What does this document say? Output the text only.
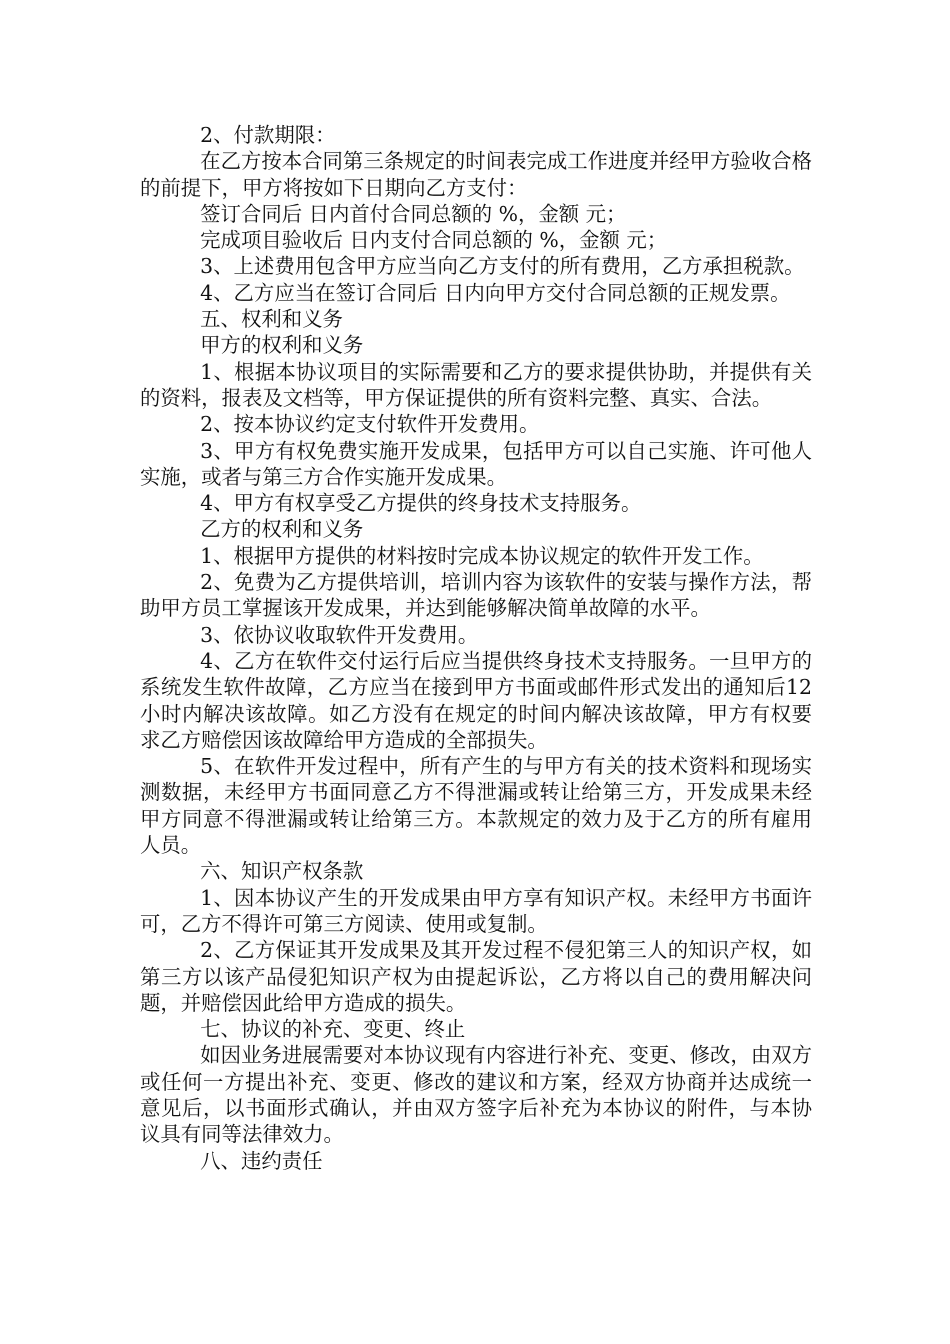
2、付款期限：

在乙方按本合同第三条规定的时间表完成工作进度并经甲方验收合格的前提下，甲方将按如下日期向乙方支付：

签订合同后 日内首付合同总额的 %，金额 元；

完成项目验收后 日内支付合同总额的 %，金额 元；

3、上述费用包含甲方应当向乙方支付的所有费用，乙方承担税款。

4、乙方应当在签订合同后 日内向甲方交付合同总额的正规发票。

五、权利和义务

甲方的权利和义务

1、根据本协议项目的实际需要和乙方的要求提供协助，并提供有关的资料，报表及文档等，甲方保证提供的所有资料完整、真实、合法。

2、按本协议约定支付软件开发费用。

3、甲方有权免费实施开发成果，包括甲方可以自己实施、许可他人实施，或者与第三方合作实施开发成果。

4、甲方有权享受乙方提供的终身技术支持服务。

乙方的权利和义务

1、根据甲方提供的材料按时完成本协议规定的软件开发工作。

2、免费为乙方提供培训，培训内容为该软件的安装与操作方法，帮助甲方员工掌握该开发成果，并达到能够解决简单故障的水平。

3、依协议收取软件开发费用。

4、乙方在软件交付运行后应当提供终身技术支持服务。一旦甲方的系统发生软件故障，乙方应当在接到甲方书面或邮件形式发出的通知后12小时内解决该故障。如乙方没有在规定的时间内解决该故障，甲方有权要求乙方赔偿因该故障给甲方造成的全部损失。

5、在软件开发过程中，所有产生的与甲方有关的技术资料和现场实测数据，未经甲方书面同意乙方不得泄漏或转让给第三方，开发成果未经甲方同意不得泄漏或转让给第三方。本款规定的效力及于乙方的所有雇用人员。

六、知识产权条款

1、因本协议产生的开发成果由甲方享有知识产权。未经甲方书面许可，乙方不得许可第三方阅读、使用或复制。

2、乙方保证其开发成果及其开发过程不侵犯第三人的知识产权，如第三方以该产品侵犯知识产权为由提起诉讼，乙方将以自己的费用解决问题，并赔偿因此给甲方造成的损失。

七、协议的补充、变更、终止

如因业务进展需要对本协议现有内容进行补充、变更、修改，由双方或任何一方提出补充、变更、修改的建议和方案，经双方协商并达成统一意见后，以书面形式确认，并由双方签字后补充为本协议的附件，与本协议具有同等法律效力。

八、违约责任
